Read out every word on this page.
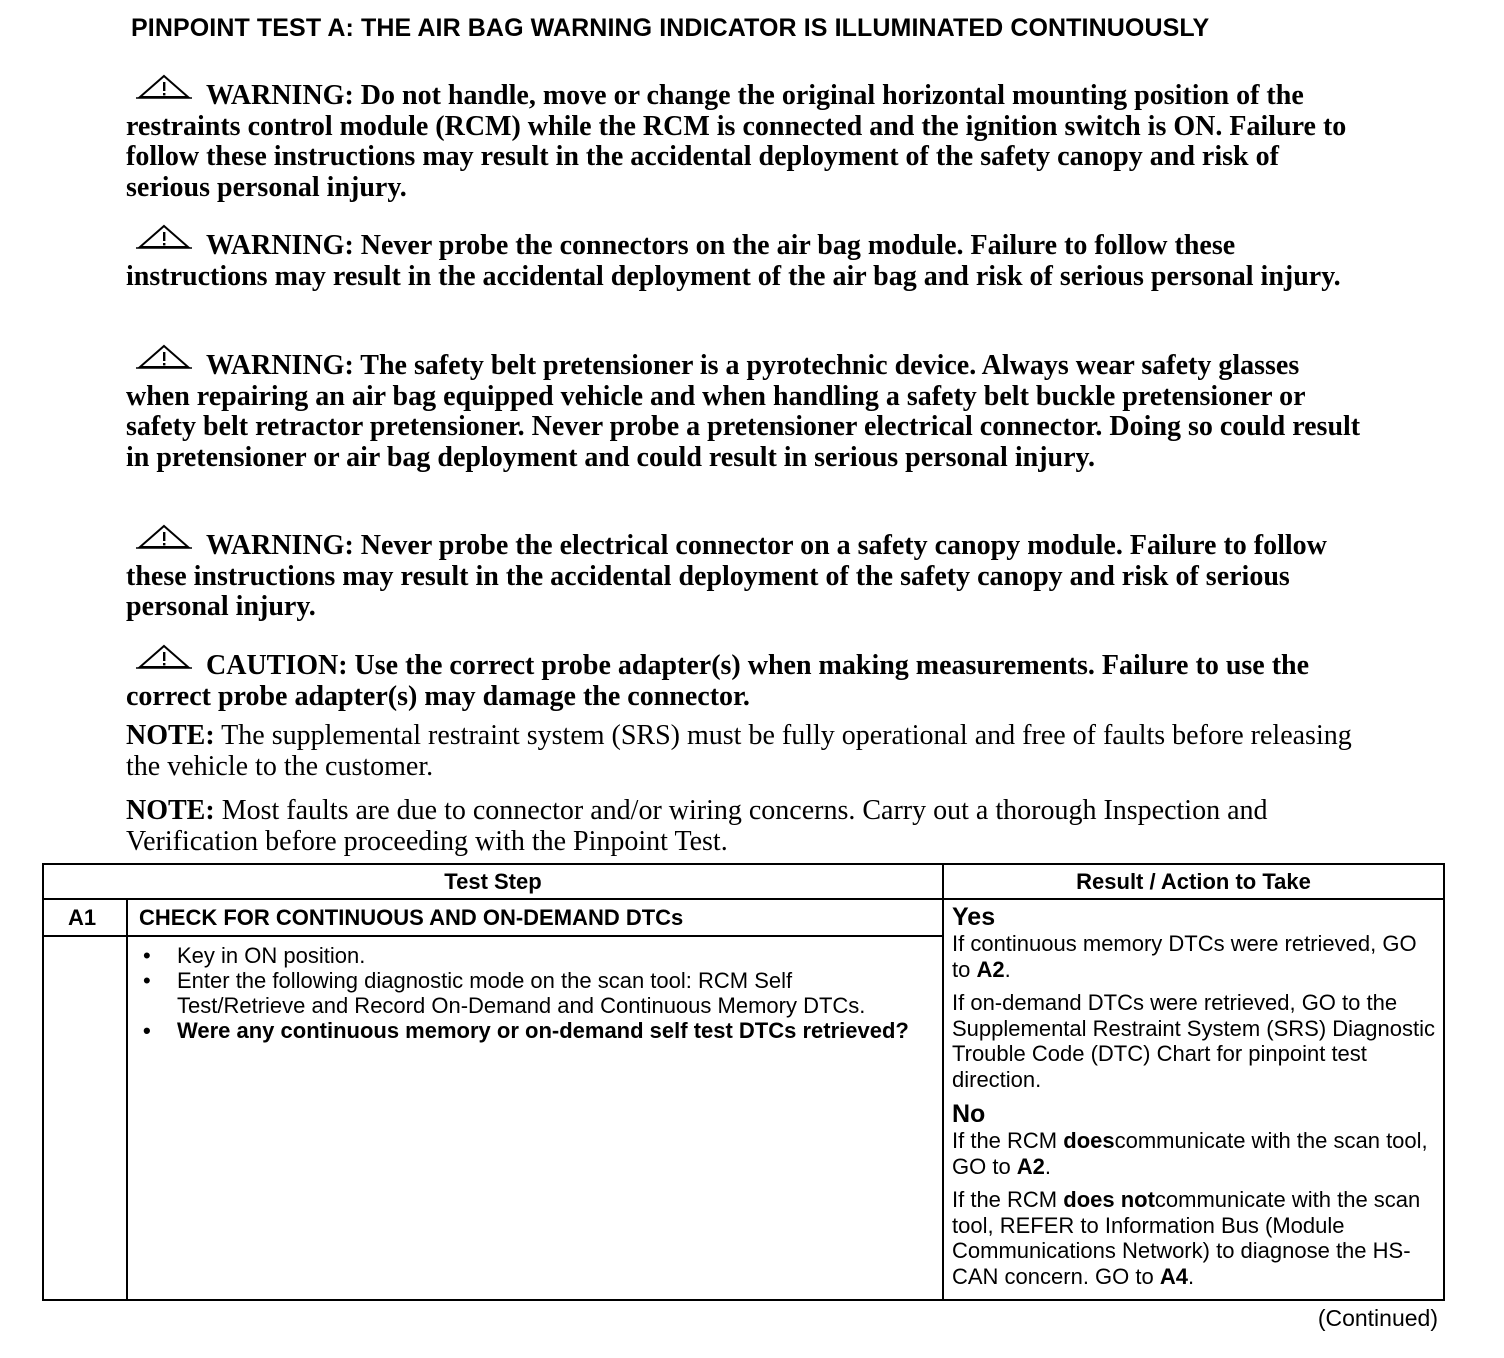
PINPOINT TEST A: THE AIR BAG WARNING INDICATOR IS ILLUMINATED CONTINUOUSLY
WARNING: Do not handle, move or change the original horizontal mounting position of the restraints control module (RCM) while the RCM is connected and the ignition switch is ON. Failure to follow these instructions may result in the accidental deployment of the safety canopy and risk of serious personal injury.
WARNING: Never probe the connectors on the air bag module. Failure to follow these instructions may result in the accidental deployment of the air bag and risk of serious personal injury.
WARNING: The safety belt pretensioner is a pyrotechnic device. Always wear safety glasses when repairing an air bag equipped vehicle and when handling a safety belt buckle pretensioner or safety belt retractor pretensioner. Never probe a pretensioner electrical connector. Doing so could result in pretensioner or air bag deployment and could result in serious personal injury.
WARNING: Never probe the electrical connector on a safety canopy module. Failure to follow these instructions may result in the accidental deployment of the safety canopy and risk of serious personal injury.
CAUTION: Use the correct probe adapter(s) when making measurements. Failure to use the correct probe adapter(s) may damage the connector.
NOTE: The supplemental restraint system (SRS) must be fully operational and free of faults before releasing the vehicle to the customer.
NOTE: Most faults are due to connector and/or wiring concerns. Carry out a thorough Inspection and Verification before proceeding with the Pinpoint Test.
Test Step	Result / Action to Take
A1 CHECK FOR CONTINUOUS AND ON-DEMAND DTCs
• Key in ON position.
• Enter the following diagnostic mode on the scan tool: RCM Self Test/Retrieve and Record On-Demand and Continuous Memory DTCs.
• Were any continuous memory or on-demand self test DTCs retrieved?
Yes

If continuous memory DTCs were retrieved, GO to A2.

If on-demand DTCs were retrieved, GO to the Supplemental Restraint System (SRS) Diagnostic Trouble Code (DTC) Chart for pinpoint test direction.

No

If the RCM doescommunicate with the scan tool, GO to A2.

If the RCM does notcommunicate with the scan tool, REFER to Information Bus (Module Communications Network) to diagnose the HS-CAN concern. GO to A4.

(Continued)
